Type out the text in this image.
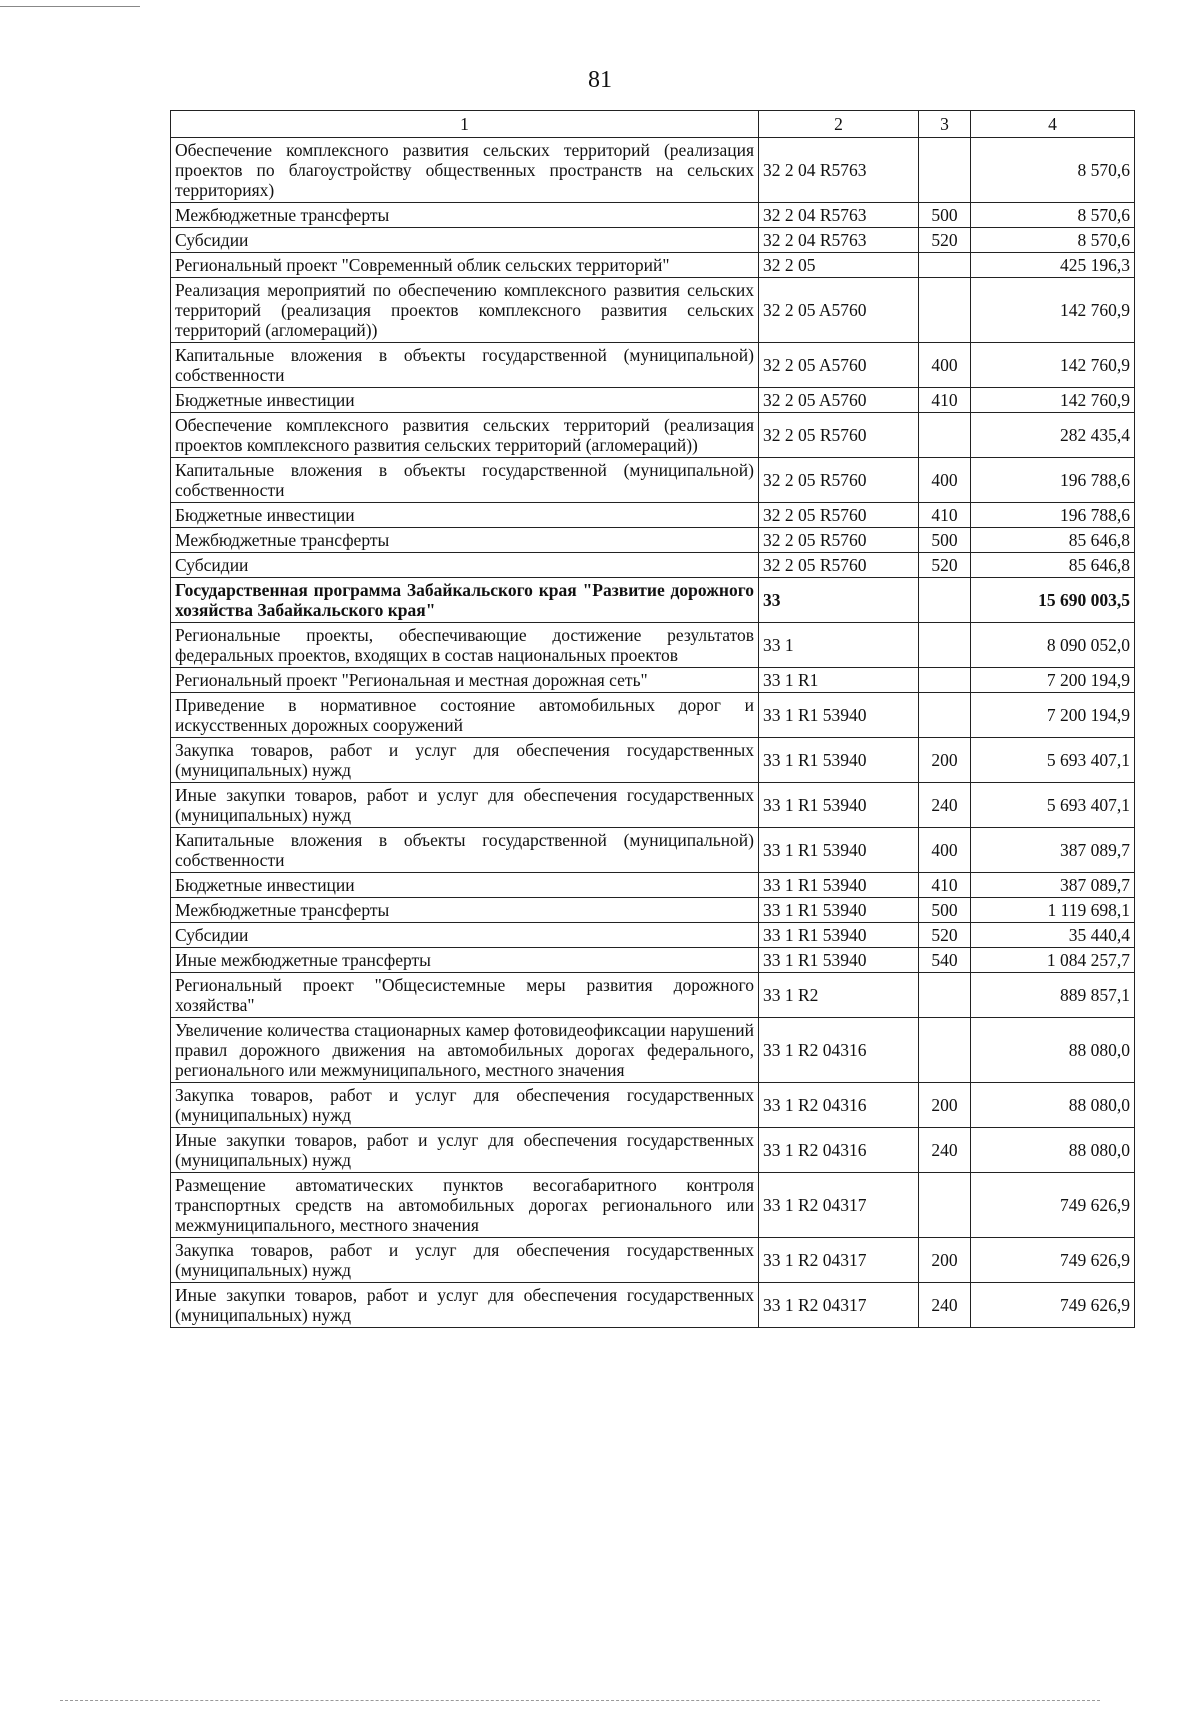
81
1	2	3	4
Обеспечение комплексного развития сельских территорий (реализация проектов по благоустройству общественных пространств на сельских территориях)	32 2 04 R5763		8 570,6
Межбюджетные трансферты	32 2 04 R5763	500	8 570,6
Субсидии	32 2 04 R5763	520	8 570,6
Региональный проект "Современный облик сельских территорий"	32 2 05		425 196,3
Реализация мероприятий по обеспечению комплексного развития сельских территорий (реализация проектов комплексного развития сельских территорий (агломераций))	32 2 05 A5760		142 760,9
Капитальные вложения в объекты государственной (муниципальной) собственности	32 2 05 A5760	400	142 760,9
Бюджетные инвестиции	32 2 05 A5760	410	142 760,9
Обеспечение комплексного развития сельских территорий (реализация проектов комплексного развития сельских территорий (агломераций))	32 2 05 R5760		282 435,4
Капитальные вложения в объекты государственной (муниципальной) собственности	32 2 05 R5760	400	196 788,6
Бюджетные инвестиции	32 2 05 R5760	410	196 788,6
Межбюджетные трансферты	32 2 05 R5760	500	85 646,8
Субсидии	32 2 05 R5760	520	85 646,8
Государственная программа Забайкальского края "Развитие дорожного хозяйства Забайкальского края"	33		15 690 003,5
Региональные проекты, обеспечивающие достижение результатов федеральных проектов, входящих в состав национальных проектов	33 1		8 090 052,0
Региональный проект "Региональная и местная дорожная сеть"	33 1 R1		7 200 194,9
Приведение в нормативное состояние автомобильных дорог и искусственных дорожных сооружений	33 1 R1 53940		7 200 194,9
Закупка товаров, работ и услуг для обеспечения государственных (муниципальных) нужд	33 1 R1 53940	200	5 693 407,1
Иные закупки товаров, работ и услуг для обеспечения государственных (муниципальных) нужд	33 1 R1 53940	240	5 693 407,1
Капитальные вложения в объекты государственной (муниципальной) собственности	33 1 R1 53940	400	387 089,7
Бюджетные инвестиции	33 1 R1 53940	410	387 089,7
Межбюджетные трансферты	33 1 R1 53940	500	1 119 698,1
Субсидии	33 1 R1 53940	520	35 440,4
Иные межбюджетные трансферты	33 1 R1 53940	540	1 084 257,7
Региональный проект "Общесистемные меры развития дорожного хозяйства"	33 1 R2		889 857,1
Увеличение количества стационарных камер фотовидеофиксации нарушений правил дорожного движения на автомобильных дорогах федерального, регионального или межмуниципального, местного значения	33 1 R2 04316		88 080,0
Закупка товаров, работ и услуг для обеспечения государственных (муниципальных) нужд	33 1 R2 04316	200	88 080,0
Иные закупки товаров, работ и услуг для обеспечения государственных (муниципальных) нужд	33 1 R2 04316	240	88 080,0
Размещение автоматических пунктов весогабаритного контроля транспортных средств на автомобильных дорогах регионального или межмуниципального, местного значения	33 1 R2 04317		749 626,9
Закупка товаров, работ и услуг для обеспечения государственных (муниципальных) нужд	33 1 R2 04317	200	749 626,9
Иные закупки товаров, работ и услуг для обеспечения государственных (муниципальных) нужд	33 1 R2 04317	240	749 626,9
